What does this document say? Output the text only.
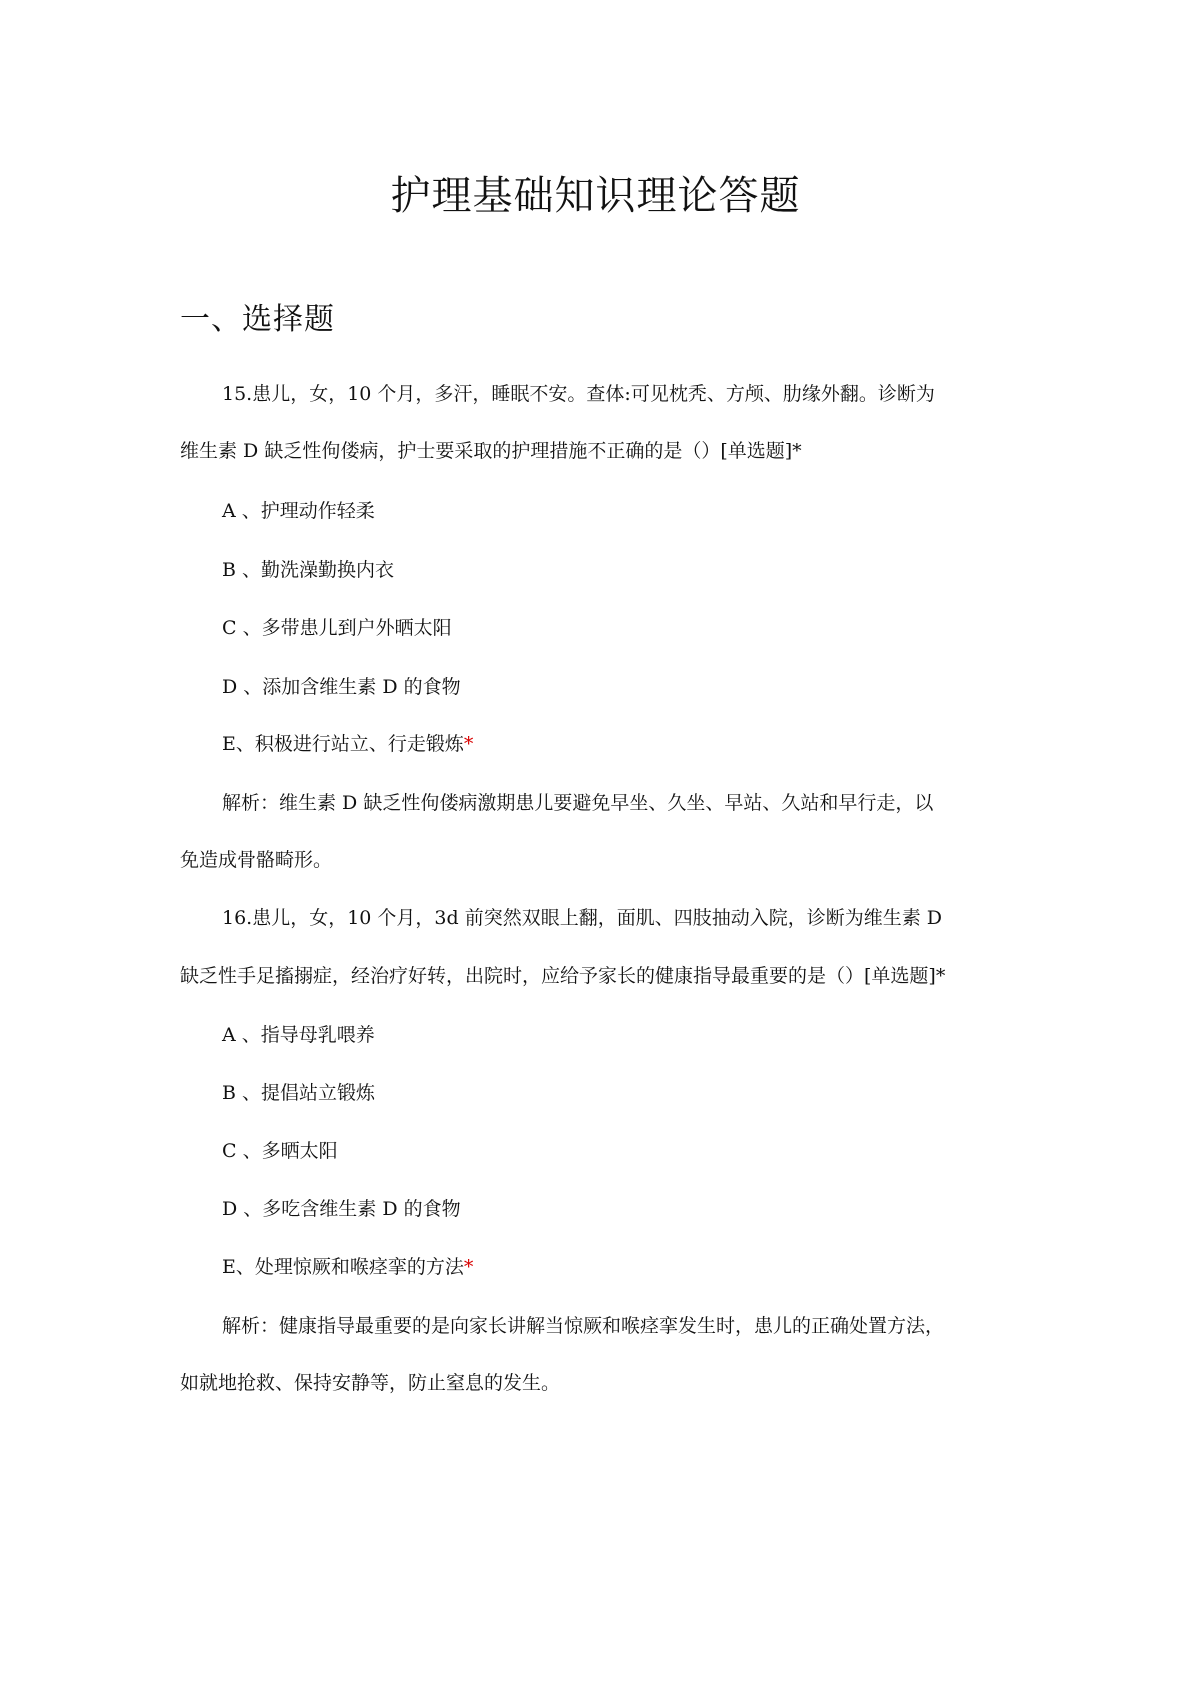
护理基础知识理论答题
一、选择题

15.患儿，女，10 个月，多汗，睡眠不安。查体:可见枕秃、方颅、肋缘外翻。诊断为

维生素 D 缺乏性佝偻病，护士要采取的护理措施不正确的是（）[单选题]*

A 、护理动作轻柔

B 、勤洗澡勤换内衣

C 、多带患儿到户外晒太阳

D 、添加含维生素 D 的食物

E、积极进行站立、行走锻炼*

解析：维生素 D 缺乏性佝偻病激期患儿要避免早坐、久坐、早站、久站和早行走，以

免造成骨骼畸形。

16.患儿，女，10 个月，3d 前突然双眼上翻，面肌、四肢抽动入院，诊断为维生素 D

缺乏性手足搐搦症，经治疗好转，出院时，应给予家长的健康指导最重要的是（）[单选题]*

A 、指导母乳喂养

B 、提倡站立锻炼

C 、多晒太阳

D 、多吃含维生素 D 的食物

E、处理惊厥和喉痉挛的方法*

解析：健康指导最重要的是向家长讲解当惊厥和喉痉挛发生时，患儿的正确处置方法，

如就地抢救、保持安静等，防止窒息的发生。
